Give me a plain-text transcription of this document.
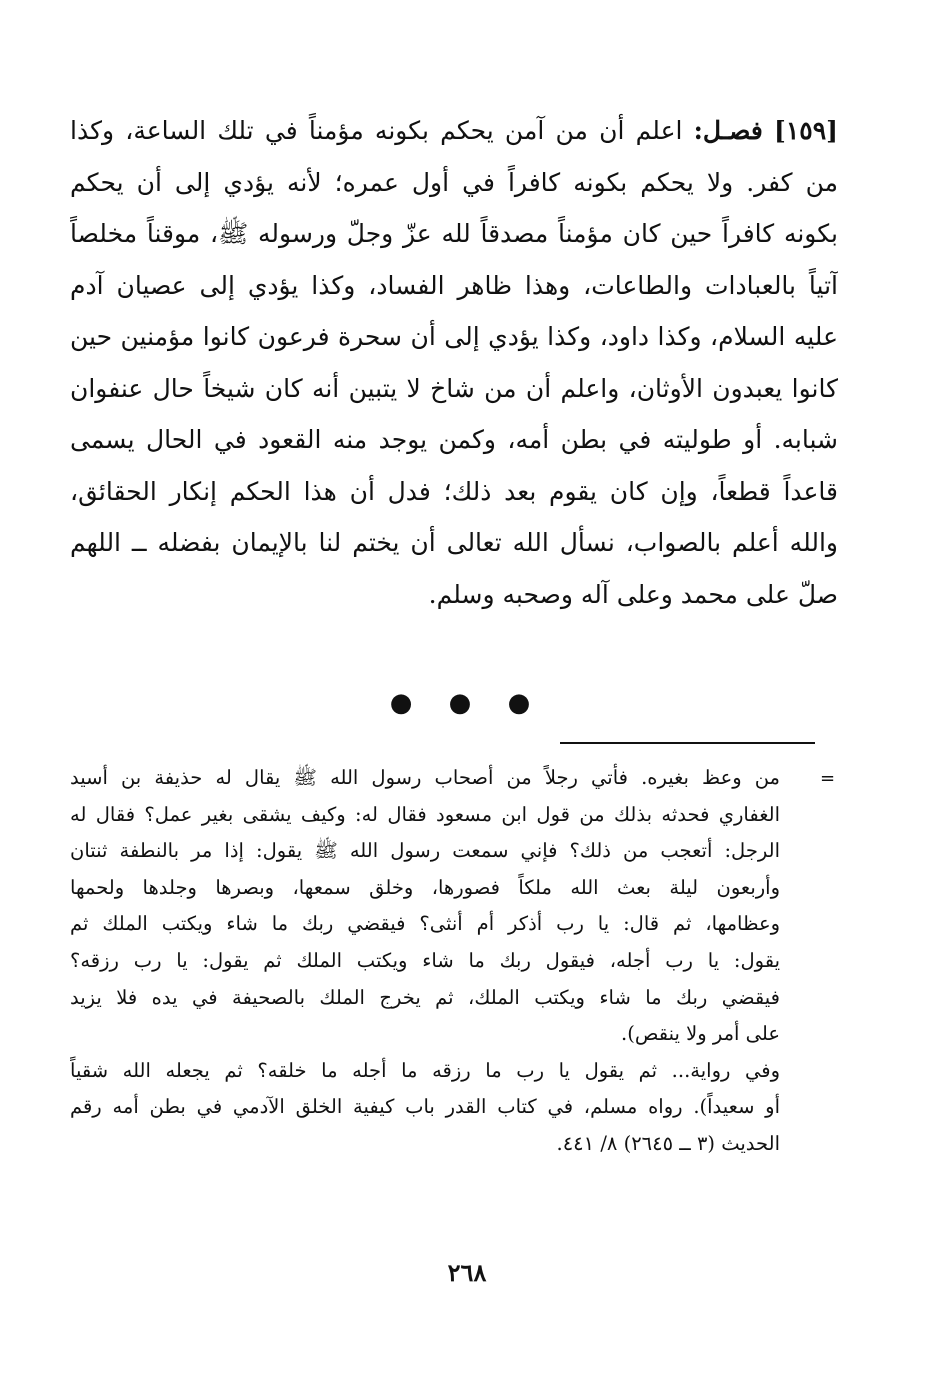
[١٥٩] فصـل: اعلم أن من آمن يحكم بكونه مؤمناً في تلك الساعة، وكذا
من كفر. ولا يحكم بكونه كافراً في أول عمره؛ لأنه يؤدي إلى أن يحكم
بكونه كافراً حين كان مؤمناً مصدقاً لله عزّ وجلّ ورسوله ﷺ، موقناً مخلصاً
آتياً بالعبادات والطاعات، وهذا ظاهر الفساد، وكذا يؤدي إلى عصيان آدم
عليه السلام، وكذا داود، وكذا يؤدي إلى أن سحرة فرعون كانوا مؤمنين حين
كانوا يعبدون الأوثان، واعلم أن من شاخ لا يتبين أنه كان شيخاً حال عنفوان
شبابه. أو طوليته في بطن أمه، وكمن يوجد منه القعود في الحال يسمى
قاعداً قطعاً، وإن كان يقوم بعد ذلك؛ فدل أن هذا الحكم إنكار الحقائق،
والله أعلم بالصواب، نسأل الله تعالى أن يختم لنا بالإيمان بفضله ــ اللهم
صلّ على محمد وعلى آله وصحبه وسلم.
● ● ●
=
من وعظ بغيره. فأتي رجلاً من أصحاب رسول الله ﷺ يقال له حذيفة بن أسيد
الغفاري فحدثه بذلك من قول ابن مسعود فقال له: وكيف يشقى بغير عمل؟ فقال له
الرجل: أتعجب من ذلك؟ فإني سمعت رسول الله ﷺ يقول: إذا مر بالنطفة ثنتان
وأربعون ليلة بعث الله ملكاً فصورها، وخلق سمعها، وبصرها وجلدها ولحمها
وعظامها، ثم قال: يا رب أذكر أم أنثى؟ فيقضي ربك ما شاء ويكتب الملك ثم
يقول: يا رب أجله، فيقول ربك ما شاء ويكتب الملك ثم يقول: يا رب رزقه؟
فيقضي ربك ما شاء ويكتب الملك، ثم يخرج الملك بالصحيفة في يده فلا يزيد
على أمر ولا ينقص).
وفي رواية... ثم يقول يا رب ما رزقه ما أجله ما خلقه؟ ثم يجعله الله شقياً
أو سعيداً). رواه مسلم، في كتاب القدر باب كيفية الخلق الآدمي في بطن أمه رقم
الحديث (٣ ــ ٢٦٤٥) ٨/ ٤٤١.
٢٦٨
